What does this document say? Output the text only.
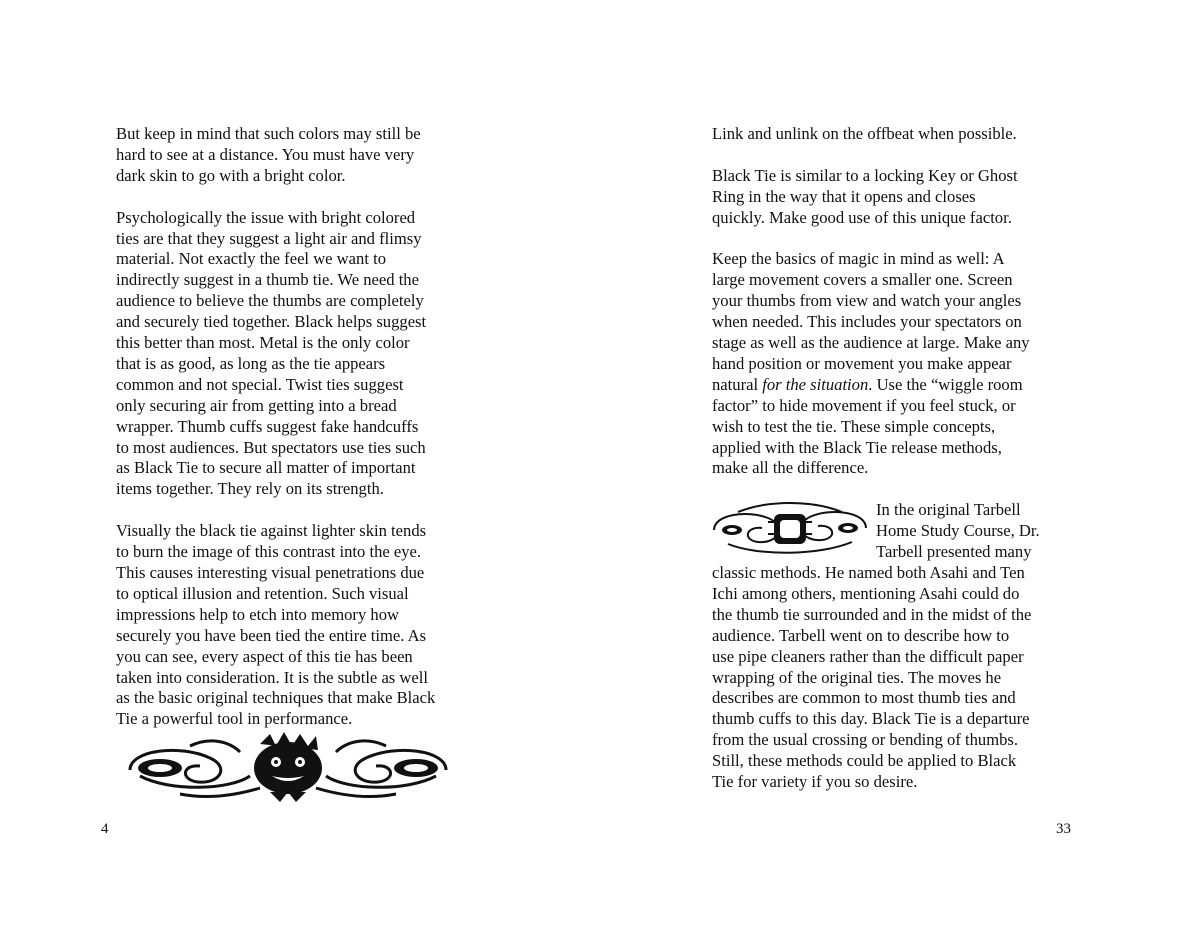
But keep in mind that such colors may still be
hard to see at a distance. You must have very
dark skin to go with a bright color.

Psychologically the issue with bright colored
ties are that they suggest a light air and flimsy
material. Not exactly the feel we want to
indirectly suggest in a thumb tie. We need the
audience to believe the thumbs are completely
and securely tied together. Black helps suggest
this better than most. Metal is the only color
that is as good, as long as the tie appears
common and not special. Twist ties suggest
only securing air from getting into a bread
wrapper. Thumb cuffs suggest fake handcuffs
to most audiences. But spectators use ties such
as Black Tie to secure all matter of important
items together. They rely on its strength.

Visually the black tie against lighter skin tends
to burn the image of this contrast into the eye.
This causes interesting visual penetrations due
to optical illusion and retention. Such visual
impressions help to etch into memory how
securely you have been tied the entire time. As
you can see, every aspect of this tie has been
taken into consideration. It is the subtle as well
as the basic original techniques that make Black
Tie a powerful tool in performance.

4

Link and unlink on the offbeat when possible.

Black Tie is similar to a locking Key or Ghost
Ring in the way that it opens and closes
quickly. Make good use of this unique factor.

Keep the basics of magic in mind as well: A
large movement covers a smaller one. Screen
your thumbs from view and watch your angles
when needed. This includes your spectators on
stage as well as the audience at large. Make any
hand position or movement you make appear
natural for the situation. Use the “wiggle room
factor” to hide movement if you feel stuck, or
wish to test the tie. These simple concepts,
applied with the Black Tie release methods,
make all the difference.

In the original Tarbell
Home Study Course, Dr.
Tarbell presented many
classic methods. He named both Asahi and Ten
Ichi among others, mentioning Asahi could do
the thumb tie surrounded and in the midst of the
audience. Tarbell went on to describe how to
use pipe cleaners rather than the difficult paper
wrapping of the original ties. The moves he
describes are common to most thumb ties and
thumb cuffs to this day. Black Tie is a departure
from the usual crossing or bending of thumbs.
Still, these methods could be applied to Black
Tie for variety if you so desire.

33
